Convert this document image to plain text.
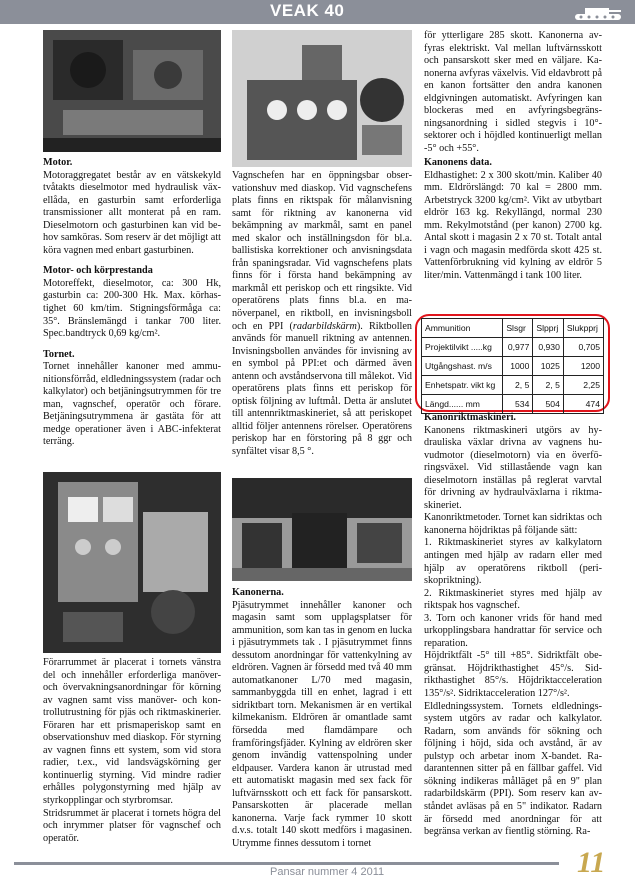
VEAK 40
Motor.

Motoraggregatet består av en vätskekyld tvåtakts dieselmotor med hydraulisk växellåda, en gasturbin samt erforderliga transmissioner allt monterat på en ram. Dieselmotorn och gasturbinen kan vid behov samköras. Som reserv är det möjligt att köra vagnen med enbart gasturbinen.

Motor- och körprestanda

Motoreffekt, dieselmotor, ca: 300 Hk, gasturbin ca: 200-300 Hk. Max. körhastighet 60 km/tim. Stigningsförmåga ca: 35°. Bränslemängd i tankar 700 liter. Spec.bandtryck 0,69 kg/cm².

Tornet.

Tornet innehåller kanoner med ammunitionsförråd, eldledningssystem (radar och kalkylator) och betjäningsutrymmen för tre man, vagnschef, operatör och förare. Betjäningsutrymmena är gastäta för att medge operationer även i ABC-infekterat terräng.

Förarrummet är placerat i tornets vänstra del och innehåller erforderliga manöver- och övervakningsanordningar för körning av vagnen samt viss manöver- och kontrollutrustning för pjäs och riktmaskinerier. Föraren har ett prismaperiskop samt en observationshuv med diaskop. För styrning av vagnen finns ett system, som vid stora radier, t.ex., vid landsvägskörning ger kontinuerlig styrning. Vid mindre radier erhålles polygonstyrning med hjälp av styrkopplingar och styrbromsar.

Stridsrummet är placerat i tornets högra del och inrymmer platser för vagnschef och operatör.

Vagnschefen har en öppningsbar observationshuv med diaskop. Vid vagnschefens plats finns en riktspak för målanvisning samt för riktning av kanonerna vid bekämpning av markmål, samt en panel med skalor och inställningsdon för bl.a. ballistiska korrektioner och anvisningsdata från spaningsradar. Vid vagnschefens plats finns för i första hand bekämpning av markmål ett periskop och ett ringsikte. Vid operatörens plats finns bl.a. en manöverpanel, en riktboll, en invisningsboll och en PPI (radarbildskärm). Riktbollen används för manuell riktning av antennen. Invisningsbollen användes för invisning av en symbol på PPI:et och därmed även antenn och avståndservona till målekot. Vid operatörens plats finns ett periskop för optisk följning av luftmål. Detta är anslutet till antennriktmaskineriet, så att periskopet alltid följer antennens rörelser. Operatörens periskop har en förstoring på 8 ggr och synfältet visar 8,5 °.

Kanonerna.

Pjäsutrymmet innehåller kanoner och magasin samt som upplagsplatser för ammunition, som kan tas in genom en lucka i pjäsutrymmets tak . I pjäsutrymmet finns dessutom anordningar för vattenkylning av eldrören. Vagnen är försedd med två 40 mm automatkanoner L/70 med magasin, sammanbyggda till en enhet, lagrad i ett sidriktbart torn. Mekanismen är en vertikal kilmekanism. Eldrören är omantlade samt försedda med flamdämpare och framföringsfjäder. Kylning av eldrören sker genom invändig vattenspolning under eldpauser. Vardera kanon är utrustad med ett automatiskt magasin med sex fack för luftvärnsskott och ett fack för pansarskott. Pansarskotten är placerade mellan kanonerna. Varje fack rymmer 10 skott d.v.s. totalt 140 skott medförs i magasinen. Utrymme finnes dessutom i tornet

för ytterligare 285 skott. Kanonerna avfyras elektriskt. Val mellan luftvärnsskott och pansarskott sker med en väljare. Kanonerna avfyras växelvis. Vid eldavbrott på en kanon fortsätter den andra kanonen eldgivningen automatiskt. Avfyringen kan blockeras med en avfyringsbegränsningsanordning i sidled stegvis i 10°-sektorer och i höjdled kontinuerligt mellan -5° och +55°.

Kanonens data.

Eldhastighet: 2 x 300 skott/min. Kaliber 40 mm. Eldrörslängd: 70 kal = 2800 mm. Arbetstryck 3200 kg/cm². Vikt av utbytbart eldrör 163 kg. Rekyllängd, normal 230 mm. Rekylmotstånd (per kanon) 2700 kg. Antal skott i magasin 2 x 70 st. Totalt antal i vagn och magasin medförda skott 425 st. Vattenförbrukning vid kylning av eldrör 5 liter/min. Vattenmängd i tank 100 liter.

Ammunition	Slsgr	Slpprj	Slukpprj
Projektilvikt .....kg	0,977	0,930	0,705
Utgångshast. m/s	1000	1025	1200
Enhetspatr. vikt kg	2, 5	2, 5	2,25
Längd...... mm	534	504	474
Kanonriktmaskineri.

Kanonens riktmaskineri utgörs av hydrauliska växlar drivna av vagnens huvudmotor (dieselmotorn) via en överföringsväxel. Vid stillastående vagn kan dieselmotorn inställas på reglerat varvtal för drivning av hydraulväxlarna i riktmaskineriet.

Kanonriktmetoder. Tornet kan sidriktas och kanonerna höjdriktas på följande sätt:

1. Riktmaskineriet styres av kalkylatorn antingen med hjälp av radarn eller med hjälp av operatörens riktboll (periskopriktning).

2. Riktmaskineriet styres med hjälp av riktspak hos vagnschef.

3. Torn och kanoner vrids för hand med urkopplingsbara handrattar för service och reparation.

Höjdriktfält -5° till +85°. Sidriktfält obegränsat. Höjdrikthastighet 45°/s. Sidrikthastighet 85°/s. Höjdriktacceleration 135°/s². Sidriktacceleration 127°/s².

Eldledningssystem. Tornets eldledningssystem utgörs av radar och kalkylator. Radarn, som används för sökning och följning i höjd, sida och avstånd, är av pulstyp och arbetar inom X-bandet. Radarantennen sitter på en fällbar gaffel. Vid sökning indikeras målläget på en 9" plan radarbildskärm (PPI). Som reserv kan avståndet avläsas på en 5" indikator. Radarn är försedd med anordningar för att begränsa verkan av fientlig störning. Ra-

Pansar nummer 4 2011	11
